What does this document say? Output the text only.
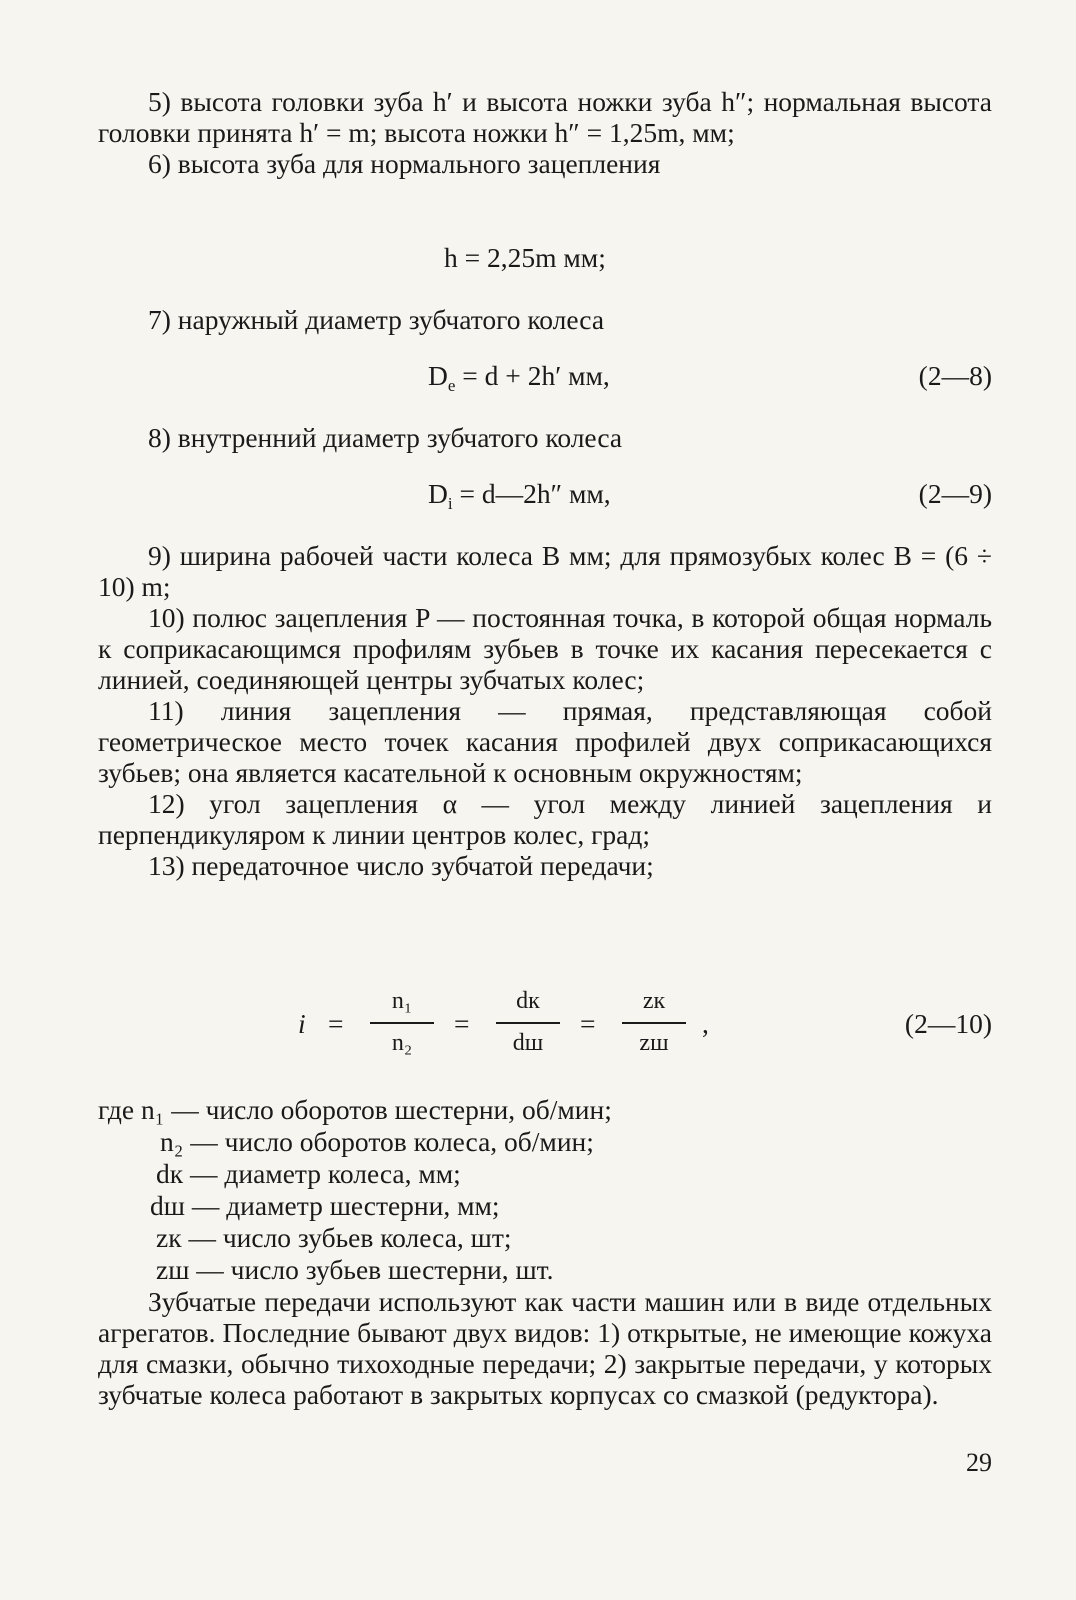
5) высота головки зуба h′ и высота ножки зуба h″; нормальная высота головки принята h′ = m; высота ножки h″ = 1,25m, мм;

6) высота зуба для нормального зацепления

h = 2,25m мм;

7) наружный диаметр зубчатого колеса

$D_e = d + 2h'$ мм,	(2—8)

8) внутренний диаметр зубчатого колеса

$D_i$ = d—2h″ мм,	(2—9)

9) ширина рабочей части колеса B мм; для прямозубых колес B = (6 ÷ 10) m;

10) полюс зацепления P — постоянная точка, в которой общая нормаль к соприкасающимся профилям зубьев в точке их касания пересекается с линией, соединяющей центры зубчатых колес;

11) линия зацепления — прямая, представляющая собой геометрическое место точек касания профилей двух соприкасающихся зубьев; она является касательной к основным окружностям;

12) угол зацепления α — угол между линией зацепления и перпендикуляром к линии центров колес, град;

13) передаточное число зубчатой передачи;

i =
n₁
n₂
=
dк
dш
=
zк
zш
,	(2—10)
где n₁ — число оборотов шестерни, об/мин;
n₂ — число оборотов колеса, об/мин;
dк — диаметр колеса, мм;
dш — диаметр шестерни, мм;
zк — число зубьев колеса, шт;
zш — число зубьев шестерни, шт.

Зубчатые передачи используют как части машин или в виде отдельных агрегатов. Последние бывают двух видов: 1) открытые, не имеющие кожуха для смазки, обычно тихоходные передачи; 2) закрытые передачи, у которых зубчатые колеса работают в закрытых корпусах со смазкой (редуктора).

29
